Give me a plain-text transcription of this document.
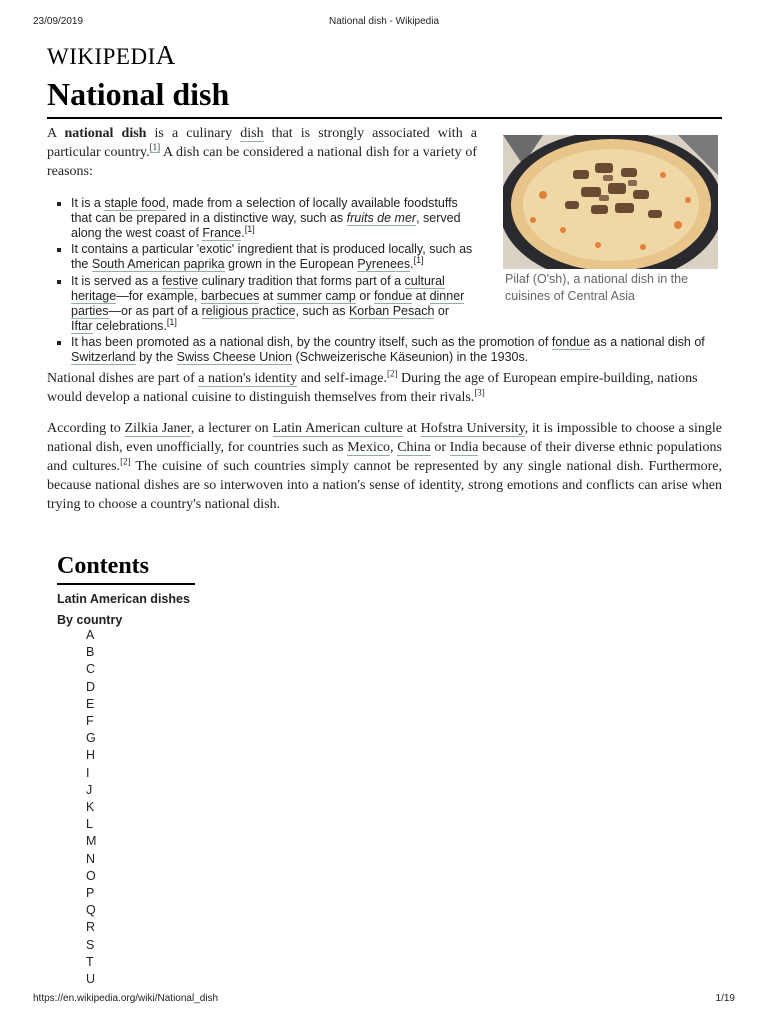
23/09/2019	National dish - Wikipedia
WIKIPEDIA
National dish
A national dish is a culinary dish that is strongly associated with a particular country.[1] A dish can be considered a national dish for a variety of reasons:
It is a staple food, made from a selection of locally available foodstuffs that can be prepared in a distinctive way, such as fruits de mer, served along the west coast of France.[1]
It contains a particular 'exotic' ingredient that is produced locally, such as the South American paprika grown in the European Pyrenees.[1]
It is served as a festive culinary tradition that forms part of a cultural heritage—for example, barbecues at summer camp or fondue at dinner parties—or as part of a religious practice, such as Korban Pesach or Iftar celebrations.[1]
It has been promoted as a national dish, by the country itself, such as the promotion of fondue as a national dish of Switzerland by the Swiss Cheese Union (Schweizerische Käseunion) in the 1930s.
Pilaf (O'sh), a national dish in the cuisines of Central Asia
National dishes are part of a nation's identity and self-image.[2] During the age of European empire-building, nations would develop a national cuisine to distinguish themselves from their rivals.[3]
According to Zilkia Janer, a lecturer on Latin American culture at Hofstra University, it is impossible to choose a single national dish, even unofficially, for countries such as Mexico, China or India because of their diverse ethnic populations and cultures.[2] The cuisine of such countries simply cannot be represented by any single national dish. Furthermore, because national dishes are so interwoven into a nation's sense of identity, strong emotions and conflicts can arise when trying to choose a country's national dish.
Contents
Latin American dishes
By country
A
B
C
D
E
F
G
H
I
J
K
L
M
N
O
P
Q
R
S
T
U
https://en.wikipedia.org/wiki/National_dish	1/19
